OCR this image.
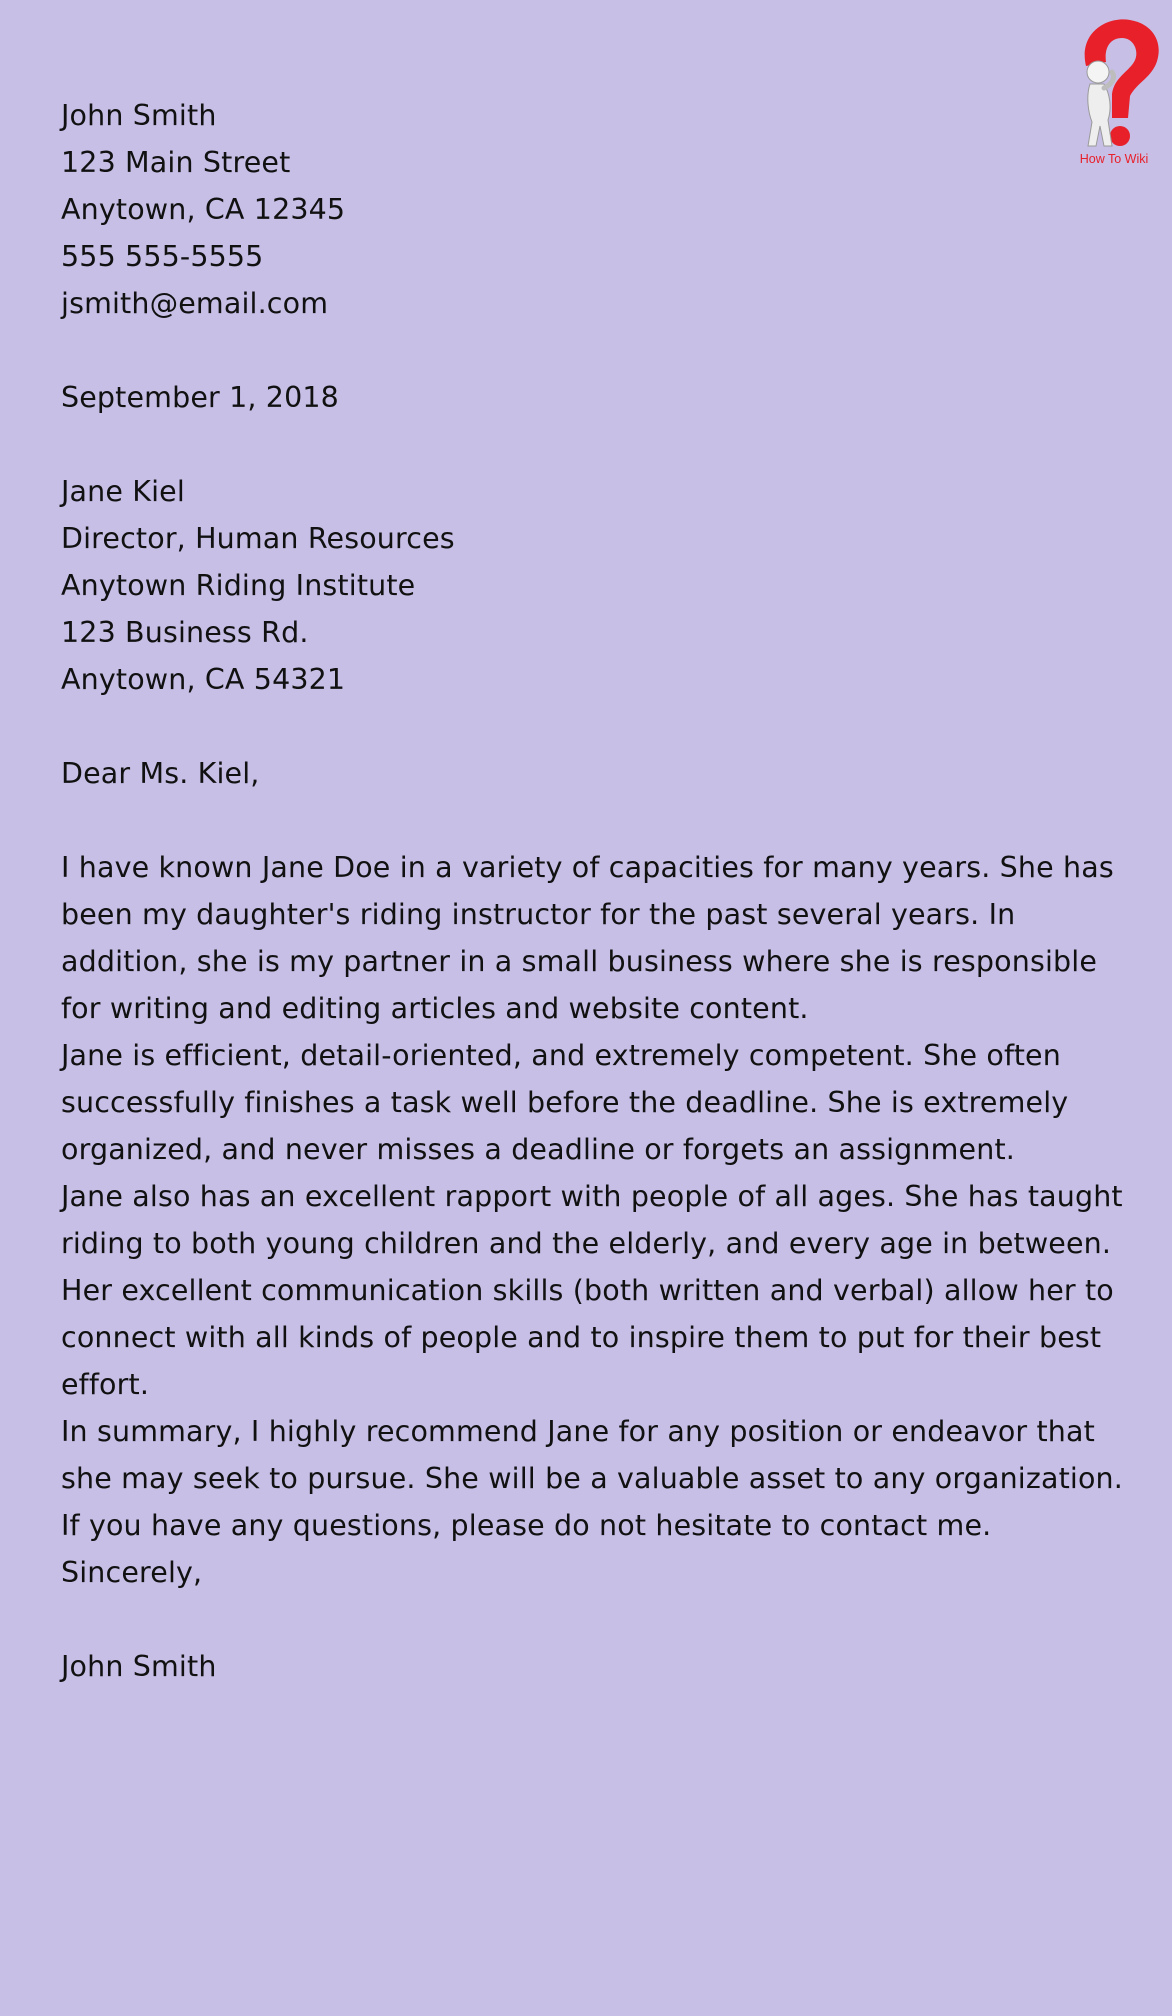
How To Wiki
John Smith
123 Main Street
Anytown, CA 12345
555 555-5555
jsmith@email.com
September 1, 2018
Jane Kiel
Director, Human Resources
Anytown Riding Institute
123 Business Rd.
Anytown, CA 54321
Dear Ms. Kiel,

I have known Jane Doe in a variety of capacities for many years. She has been my daughter's riding instructor for the past several years. In addition, she is my partner in a small business where she is responsible for writing and editing articles and website content.

Jane is efficient, detail-oriented, and extremely competent. She often successfully finishes a task well before the deadline. She is extremely organized, and never misses a deadline or forgets an assignment.

Jane also has an excellent rapport with people of all ages. She has taught riding to both young children and the elderly, and every age in between. Her excellent communication skills (both written and verbal) allow her to connect with all kinds of people and to inspire them to put for their best effort.

In summary, I highly recommend Jane for any position or endeavor that she may seek to pursue. She will be a valuable asset to any organization.

If you have any questions, please do not hesitate to contact me.

Sincerely,
John Smith
